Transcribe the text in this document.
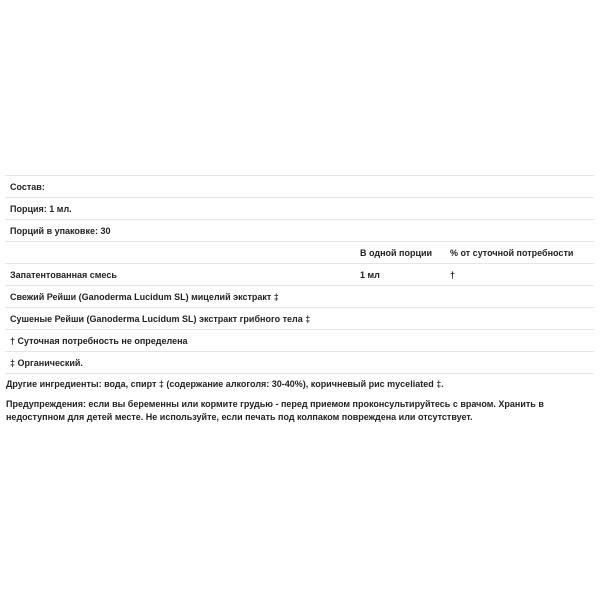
Состав:		
Порция: 1 мл.		
Порций в упаковке: 30		
	В одной порции	% от суточной потребности
Запатентованная смесь	1 мл	†
Свежий Рейши (Ganoderma Lucidum SL) мицелий экстракт ‡		
Сушеные Рейши (Ganoderma Lucidum SL) экстракт грибного тела ‡		
† Суточная потребность не определена		
‡ Органический.		

Другие ингредиенты: вода, спирт ‡ (содержание алкоголя: 30-40%), коричневый рис myceliated ‡.

Предупреждения: если вы беременны или кормите грудью - перед приемом проконсультируйтесь с врачом. Хранить в недоступном для детей месте. Не используйте, если печать под колпаком повреждена или отсутствует.
